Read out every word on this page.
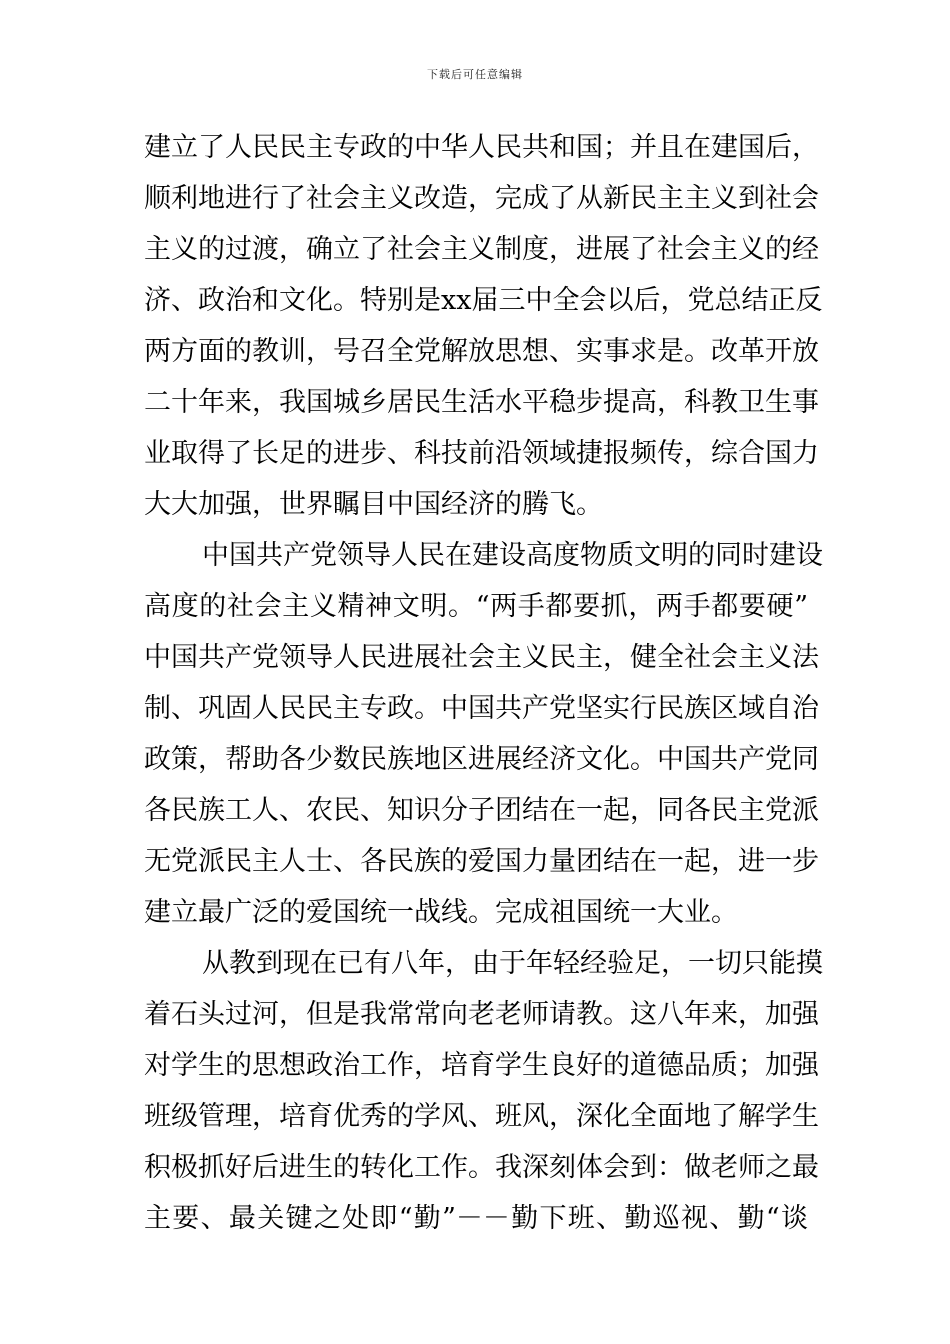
下载后可任意编辑
建立了人民民主专政的中华人民共和国；并且在建国后，
顺利地进行了社会主义改造，完成了从新民主主义到社会
主义的过渡，确立了社会主义制度，进展了社会主义的经
济、政治和文化。特别是xx届三中全会以后，党总结正反
两方面的教训，号召全党解放思想、实事求是。改革开放
二十年来，我国城乡居民生活水平稳步提高，科教卫生事
业取得了长足的进步、科技前沿领域捷报频传，综合国力
大大加强，世界瞩目中国经济的腾飞。
中国共产党领导人民在建设高度物质文明的同时建设
高度的社会主义精神文明。“两手都要抓，两手都要硬”
中国共产党领导人民进展社会主义民主，健全社会主义法
制、巩固人民民主专政。中国共产党坚实行民族区域自治
政策，帮助各少数民族地区进展经济文化。中国共产党同
各民族工人、农民、知识分子团结在一起，同各民主党派
无党派民主人士、各民族的爱国力量团结在一起，进一步
建立最广泛的爱国统一战线。完成祖国统一大业。
从教到现在已有八年，由于年轻经验足，一切只能摸
着石头过河，但是我常常向老老师请教。这八年来，加强
对学生的思想政治工作，培育学生良好的道德品质；加强
班级管理，培育优秀的学风、班风，深化全面地了解学生
积极抓好后进生的转化工作。我深刻体会到：做老师之最
主要、最关键之处即“勤”－－勤下班、勤巡视、勤“谈
